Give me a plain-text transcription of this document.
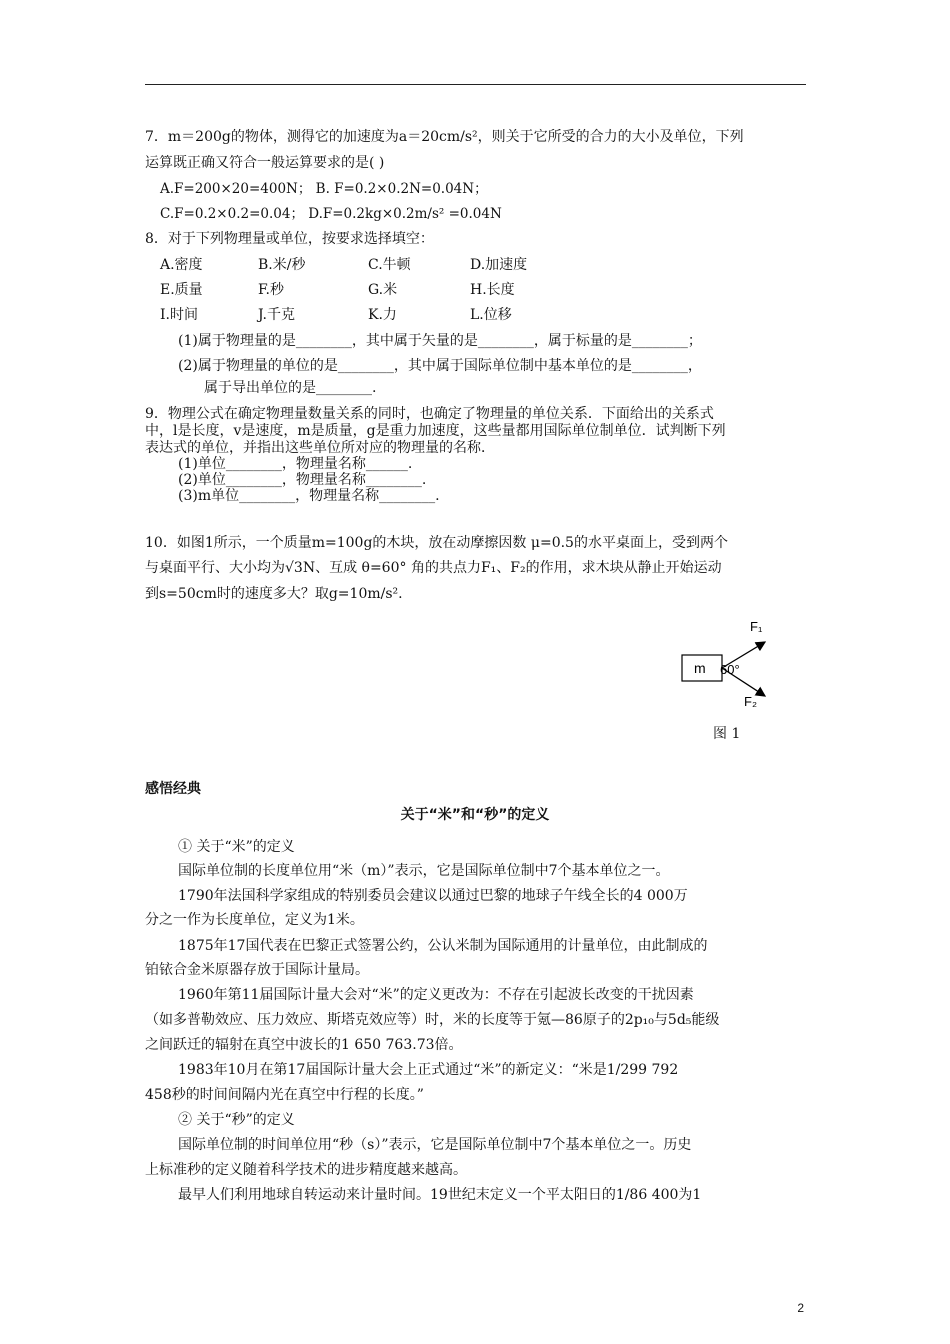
7．m＝200g的物体，测得它的加速度为a＝20cm/s²，则关于它所受的合力的大小及单位，下列
运算既正确又符合一般运算要求的是( )
A.F=200×20=400N； B. F=0.2×0.2N=0.04N；
C.F=0.2×0.2=0.04； D.F=0.2kg×0.2m/s² =0.04N
8．对于下列物理量或单位，按要求选择填空：
A.密度	B.米/秒	C.牛顿	D.加速度
E.质量	F.秒	G.米	H.长度
I.时间	J.千克	K.力	L.位移
(1)属于物理量的是________，其中属于矢量的是________，属于标量的是________；
(2)属于物理量的单位的是________，其中属于国际单位制中基本单位的是________，
属于导出单位的是________.
9．物理公式在确定物理量数量关系的同时，也确定了物理量的单位关系．下面给出的关系式
中，l是长度，v是速度，m是质量，g是重力加速度，这些量都用国际单位制单位．试判断下列
表达式的单位，并指出这些单位所对应的物理量的名称．
(1)单位________，物理量名称______.
(2)单位________，物理量名称________.
(3)m单位________，物理量名称________.
10．如图1所示，一个质量m=100g的木块，放在动摩擦因数 μ=0.5的水平桌面上，受到两个
与桌面平行、大小均为√3N、互成 θ=60° 角的共点力F₁、F₂的作用，求木块从静止开始运动
到s=50cm时的速度多大？取g=10m/s².
m 60°
F₁
F₂
图 1
感悟经典
关于“米”和“秒”的定义
① 关于“米”的定义
国际单位制的长度单位用“米（m）”表示，它是国际单位制中7个基本单位之一。
1790年法国科学家组成的特别委员会建议以通过巴黎的地球子午线全长的4 000万
分之一作为长度单位，定义为1米。
1875年17国代表在巴黎正式签署公约，公认米制为国际通用的计量单位，由此制成的
铂铱合金米原器存放于国际计量局。
1960年第11届国际计量大会对“米”的定义更改为：不存在引起波长改变的干扰因素
（如多普勒效应、压力效应、斯塔克效应等）时，米的长度等于氪—86原子的2p₁₀与5d₅能级
之间跃迁的辐射在真空中波长的1 650 763.73倍。
1983年10月在第17届国际计量大会上正式通过“米”的新定义：“米是1/299 792
458秒的时间间隔内光在真空中行程的长度。”
② 关于“秒”的定义
国际单位制的时间单位用“秒（s）”表示，它是国际单位制中7个基本单位之一。历史
上标准秒的定义随着科学技术的进步精度越来越高。
最早人们利用地球自转运动来计量时间。19世纪末定义一个平太阳日的1/86 400为1
2
